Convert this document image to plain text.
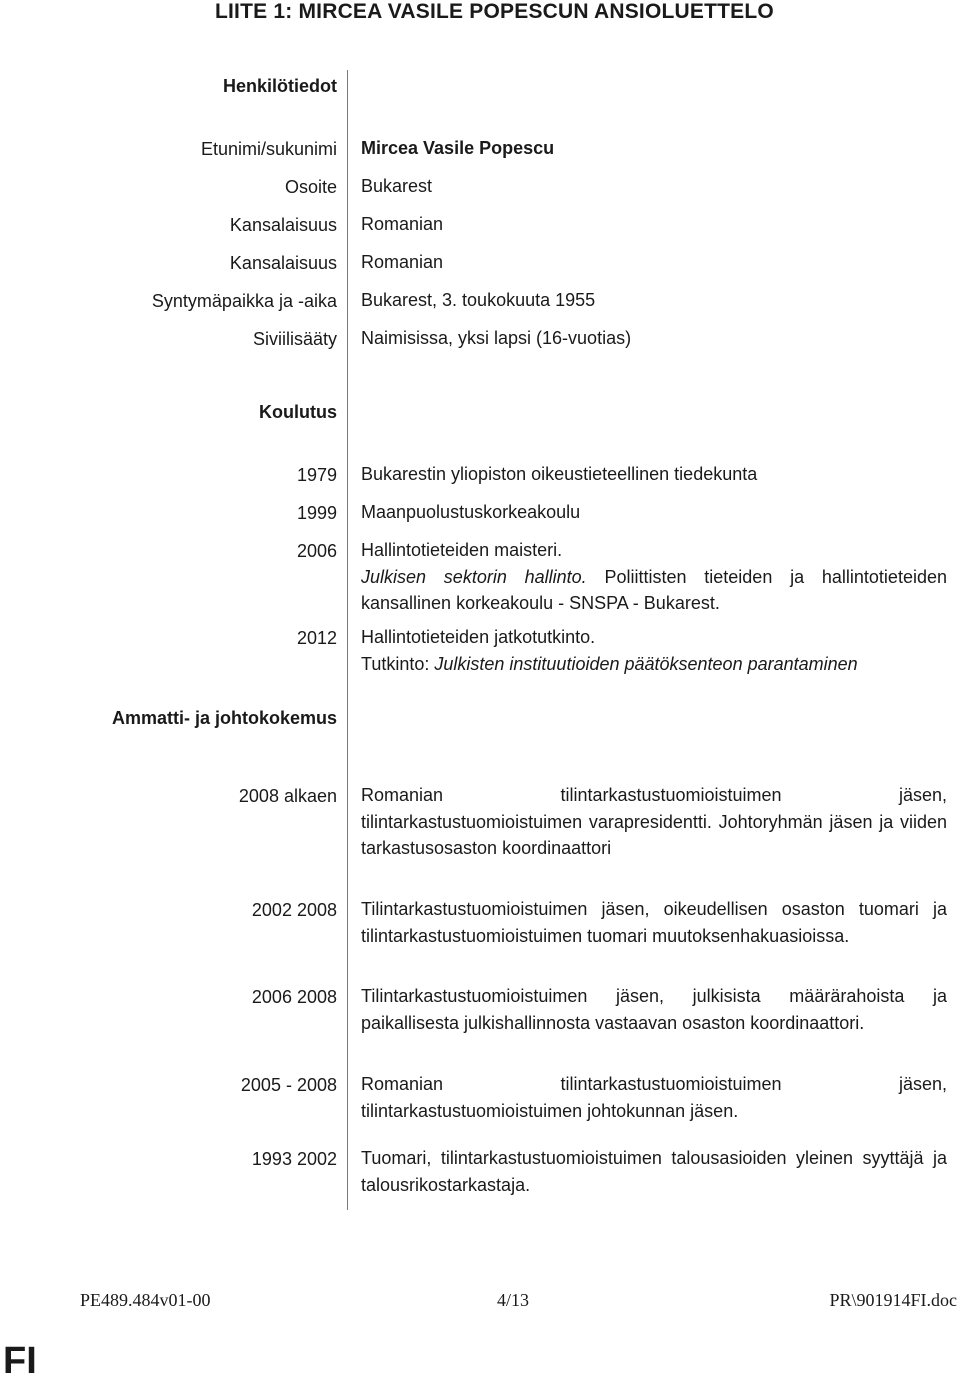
LIITE 1: MIRCEA VASILE POPESCUN ANSIOLUETTELO
Henkilötiedot
Etunimi/sukunimi Mircea Vasile Popescu
Osoite Bukarest
Kansalaisuus Romanian
Kansalaisuus Romanian
Syntymäpaikka ja -aika Bukarest, 3. toukokuuta 1955
Siviilisääty Naimisissa, yksi lapsi (16-vuotias)
Koulutus
1979 Bukarestin yliopiston oikeustieteellinen tiedekunta
1999 Maanpuolustuskorkeakoulu
2006 Hallintotieteiden maisteri.
Julkisen sektorin hallinto. Poliittisten tieteiden ja hallintotieteiden kansallinen korkeakoulu - SNSPA - Bukarest.
2012 Hallintotieteiden jatkotutkinto.
Tutkinto: Julkisten instituutioiden päätöksenteon parantaminen
Ammatti- ja johtokokemus
2008 alkaen Romanian tilintarkastustuomioistuimen jäsen, tilintarkastustuomioistuimen varapresidentti. Johtoryhmän jäsen ja viiden tarkastusosaston koordinaattori
2002 2008 Tilintarkastustuomioistuimen jäsen, oikeudellisen osaston tuomari ja tilintarkastustuomioistuimen tuomari muutoksenhakuasioissa.
2006 2008 Tilintarkastustuomioistuimen jäsen, julkisista määrärahoista ja paikallisesta julkishallinnosta vastaavan osaston koordinaattori.
2005 - 2008 Romanian tilintarkastustuomioistuimen jäsen, tilintarkastustuomioistuimen johtokunnan jäsen.
1993 2002 Tuomari, tilintarkastustuomioistuimen talousasioiden yleinen syyttäjä ja talousrikostarkastaja.
PE489.484v01-00	4/13	PR\901914FI.doc
FI
